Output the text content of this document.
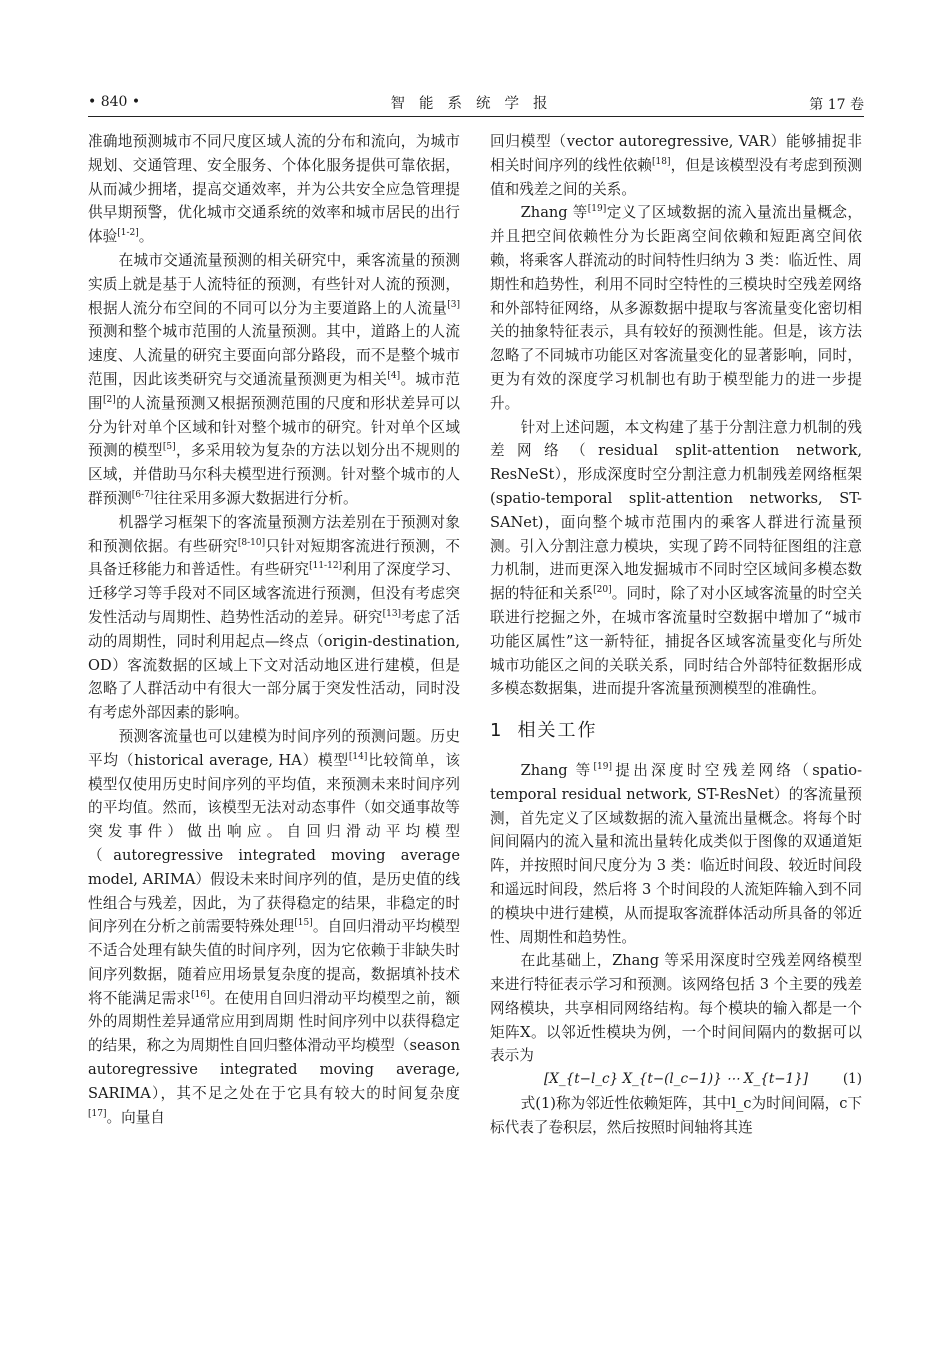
• 840 •	智能系统学报	第 17 卷

准确地预测城市不同尺度区域人流的分布和流向，为城市规划、交通管理、安全服务、个体化服务提供可靠依据，从而减少拥堵，提高交通效率，并为公共安全应急管理提供早期预警，优化城市交通系统的效率和城市居民的出行体验[1-2]。

在城市交通流量预测的相关研究中，乘客流量的预测实质上就是基于人流特征的预测，有些针对人流的预测，根据人流分布空间的不同可以分为主要道路上的人流量[3]预测和整个城市范围的人流量预测。其中，道路上的人流速度、人流量的研究主要面向部分路段，而不是整个城市范围，因此该类研究与交通流量预测更为相关[4]。城市范围[2]的人流量预测又根据预测范围的尺度和形状差异可以分为针对单个区域和针对整个城市的研究。针对单个区域预测的模型[5]，多采用较为复杂的方法以划分出不规则的区域，并借助马尔科夫模型进行预测。针对整个城市的人群预测[6-7]往往采用多源大数据进行分析。

机器学习框架下的客流量预测方法差别在于预测对象和预测依据。有些研究[8-10]只针对短期客流进行预测，不具备迁移能力和普适性。有些研究[11-12]利用了深度学习、迁移学习等手段对不同区域客流进行预测，但没有考虑突发性活动与周期性、趋势性活动的差异。研究[13]考虑了活动的周期性，同时利用起点—终点（origin-destination, OD）客流数据的区域上下文对活动地区进行建模，但是忽略了人群活动中有很大一部分属于突发性活动，同时没有考虑外部因素的影响。

预测客流量也可以建模为时间序列的预测问题。历史平均（historical average, HA）模型[14]比较简单，该模型仅使用历史时间序列的平均值，来预测未来时间序列的平均值。然而，该模型无法对动态事件（如交通事故等突发事件）做出响应。自回归滑动平均模型（autoregressive integrated moving average model, ARIMA）假设未来时间序列的值，是历史值的线性组合与残差，因此，为了获得稳定的结果，非稳定的时间序列在分析之前需要特殊处理[15]。自回归滑动平均模型不适合处理有缺失值的时间序列，因为它依赖于非缺失时间序列数据，随着应用场景复杂度的提高，数据填补技术将不能满足需求[16]。在使用自回归滑动平均模型之前，额外的周期性差异通常应用到周期 性时间序列中以获得稳定的结果，称之为周期性自回归整体滑动平均模型（season autoregressive integrated moving average, SARIMA），其不足之处在于它具有较大的时间复杂度[17]。向量自

回归模型（vector autoregressive, VAR）能够捕捉非相关时间序列的线性依赖[18]，但是该模型没有考虑到预测值和残差之间的关系。

Zhang 等[19]定义了区域数据的流入量流出量概念，并且把空间依赖性分为长距离空间依赖和短距离空间依赖，将乘客人群流动的时间特性归纳为 3 类：临近性、周期性和趋势性，利用不同时空特性的三模块时空残差网络和外部特征网络，从多源数据中提取与客流量变化密切相关的抽象特征表示，具有较好的预测性能。但是，该方法忽略了不同城市功能区对客流量变化的显著影响，同时，更为有效的深度学习机制也有助于模型能力的进一步提升。

针对上述问题，本文构建了基于分割注意力机制的残差网络（residual split-attention network, ResNeSt），形成深度时空分割注意力机制残差网络框架 (spatio-temporal split-attention networks, ST-SANet)，面向整个城市范围内的乘客人群进行流量预测。引入分割注意力模块，实现了跨不同特征图组的注意力机制，进而更深入地发掘城市不同时空区域间多模态数据的特征和关系[20]。同时，除了对小区域客流量的时空关联进行挖掘之外，在城市客流量时空数据中增加了“城市功能区属性”这一新特征，捕捉各区域客流量变化与所处城市功能区之间的关联关系，同时结合外部特征数据形成多模态数据集，进而提升客流量预测模型的准确性。

1 相关工作

Zhang 等[19]提出深度时空残差网络（spatio-temporal residual network, ST-ResNet）的客流量预测，首先定义了区域数据的流入量流出量概念。将每个时间间隔内的流入量和流出量转化成类似于图像的双通道矩阵，并按照时间尺度分为 3 类：临近时间段、较近时间段和遥远时间段，然后将 3 个时间段的人流矩阵输入到不同的模块中进行建模，从而提取客流群体活动所具备的邻近性、周期性和趋势性。

在此基础上，Zhang 等采用深度时空残差网络模型来进行特征表示学习和预测。该网络包括 3 个主要的残差网络模块，共享相同网络结构。每个模块的输入都是一个矩阵X。以邻近性模块为例，一个时间间隔内的数据可以表示为

[X_{t−l_c} X_{t−(l_c−1)} ⋯ X_{t−1}]	(1)

式(1)称为邻近性依赖矩阵，其中l_c为时间间隔，c下标代表了卷积层，然后按照时间轴将其连
